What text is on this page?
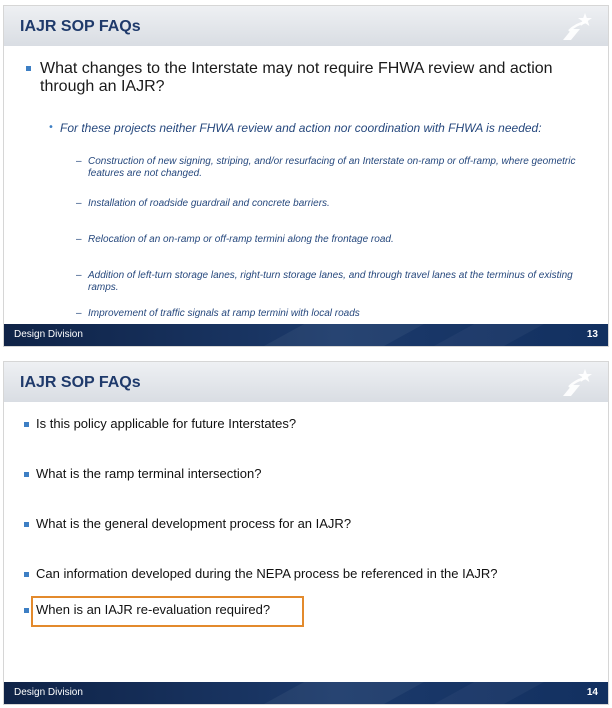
IAJR SOP FAQs

What changes to the Interstate may not require FHWA review and action through an IAJR?

• For these projects neither FHWA review and action nor coordination with FHWA is needed:

– Construction of new signing, striping, and/or resurfacing of an Interstate on-ramp or off-ramp, where geometric features are not changed.

– Installation of roadside guardrail and concrete barriers.

– Relocation of an on-ramp or off-ramp termini along the frontage road.

– Addition of left-turn storage lanes, right-turn storage lanes, and through travel lanes at the terminus of existing ramps.

– Improvement of traffic signals at ramp termini with local roads

Design Division	13
IAJR SOP FAQs

Is this policy applicable for future Interstates?

What is the ramp terminal intersection?

What is the general development process for an IAJR?

Can information developed during the NEPA process be referenced in the IAJR?

When is an IAJR re-evaluation required?

Design Division	14
